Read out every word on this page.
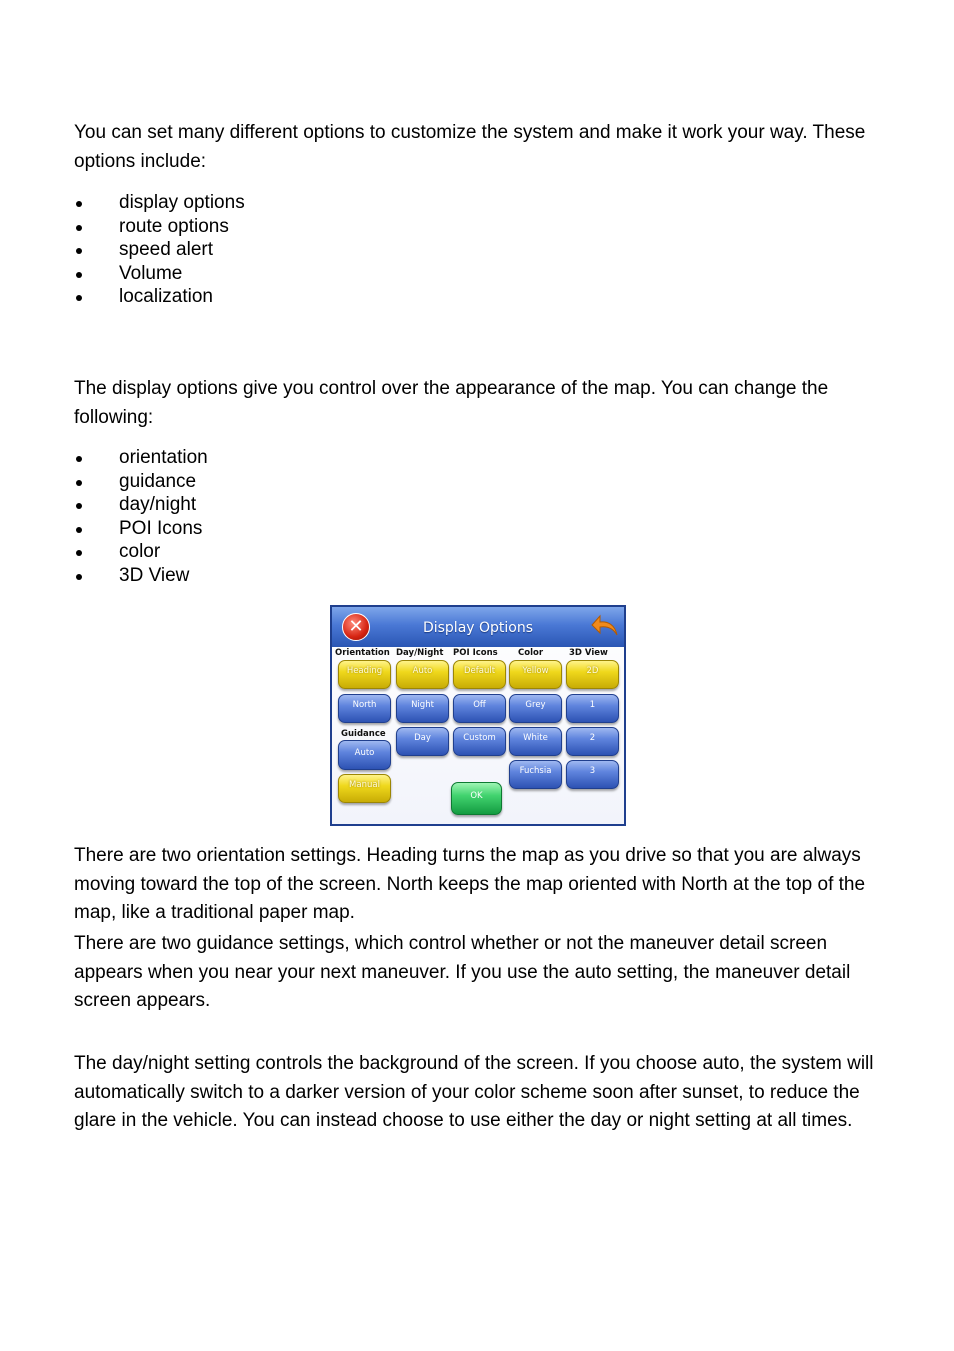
You can set many different options to customize the system and make it work your way. These options include:

display options
route options
speed alert
Volume
localization

The display options give you control over the appearance of the map. You can change the following:

orientation
guidance
day/night
POI Icons
color
3D View
✕	Display Options
Orientation Day/Night POI Icons Color	3D View
Heading
North
Guidance
Auto
Manual
Auto
Night
Day
Default
Off
Custom
Yellow
Grey
White
Fuchsia
2D
1
2
3
OK

There are two orientation settings. Heading turns the map as you drive so that you are always moving toward the top of the screen. North keeps the map oriented with North at the top of the map, like a traditional paper map.

There are two guidance settings, which control whether or not the maneuver detail screen appears when you near your next maneuver. If you use the auto setting, the maneuver detail screen appears.

The day/night setting controls the background of the screen. If you choose auto, the system will automatically switch to a darker version of your color scheme soon after sunset, to reduce the glare in the vehicle. You can instead choose to use either the day or night setting at all times.
